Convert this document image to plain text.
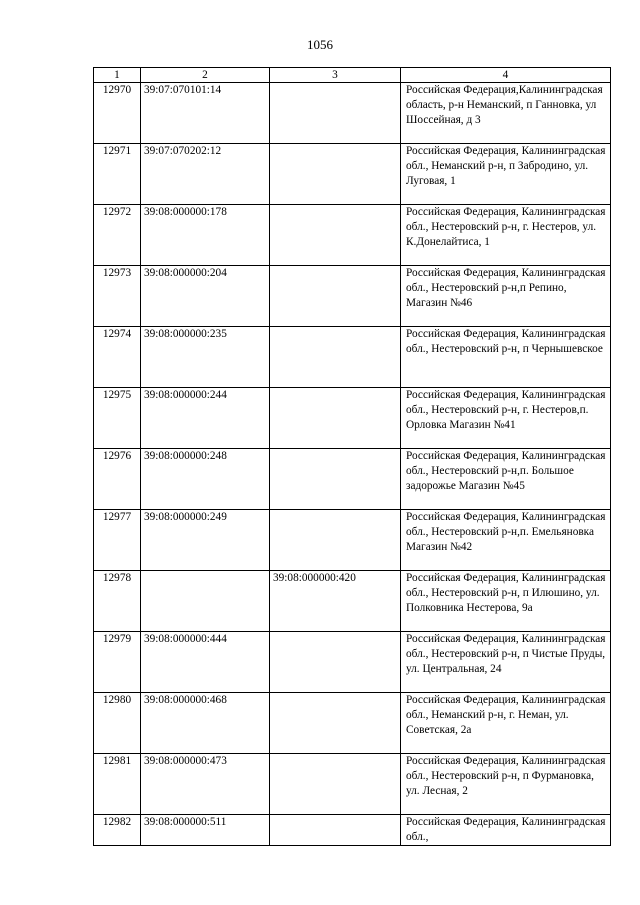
1056
1	2	3	4
12970	39:07:070101:14		Российская Федерация,Калининградская область, р-н Неманский, п Ганновка, ул Шоссейная, д 3
12971	39:07:070202:12		Российская Федерация, Калининградская обл., Неманский р-н, п Забродино, ул. Луговая, 1
12972	39:08:000000:178		Российская Федерация, Калининградская обл., Нестеровский р-н, г. Нестеров, ул. К.Донелайтиса, 1
12973	39:08:000000:204		Российская Федерация, Калининградская обл., Нестеровский р-н,п Репино, Магазин №46
12974	39:08:000000:235		Российская Федерация, Калининградская обл., Нестеровский р-н, п Чернышевское
12975	39:08:000000:244		Российская Федерация, Калининградская обл., Нестеровский р-н, г. Нестеров,п. Орловка Магазин №41
12976	39:08:000000:248		Российская Федерация, Калининградская обл., Нестеровский р-н,п. Большое задорожье Магазин №45
12977	39:08:000000:249		Российская Федерация, Калининградская обл., Нестеровский р-н,п. Емельяновка Магазин №42
12978		39:08:000000:420	Российская Федерация, Калининградская обл., Нестеровский р-н, п Илюшино, ул. Полковника Нестерова, 9а
12979	39:08:000000:444		Российская Федерация, Калининградская обл., Нестеровский р-н, п Чистые Пруды, ул. Центральная, 24
12980	39:08:000000:468		Российская Федерация, Калининградская обл., Неманский р-н, г. Неман, ул. Советская, 2а
12981	39:08:000000:473		Российская Федерация, Калининградская обл., Нестеровский р-н, п Фурмановка, ул. Лесная, 2
12982	39:08:000000:511		Российская Федерация, Калининградская обл.,
